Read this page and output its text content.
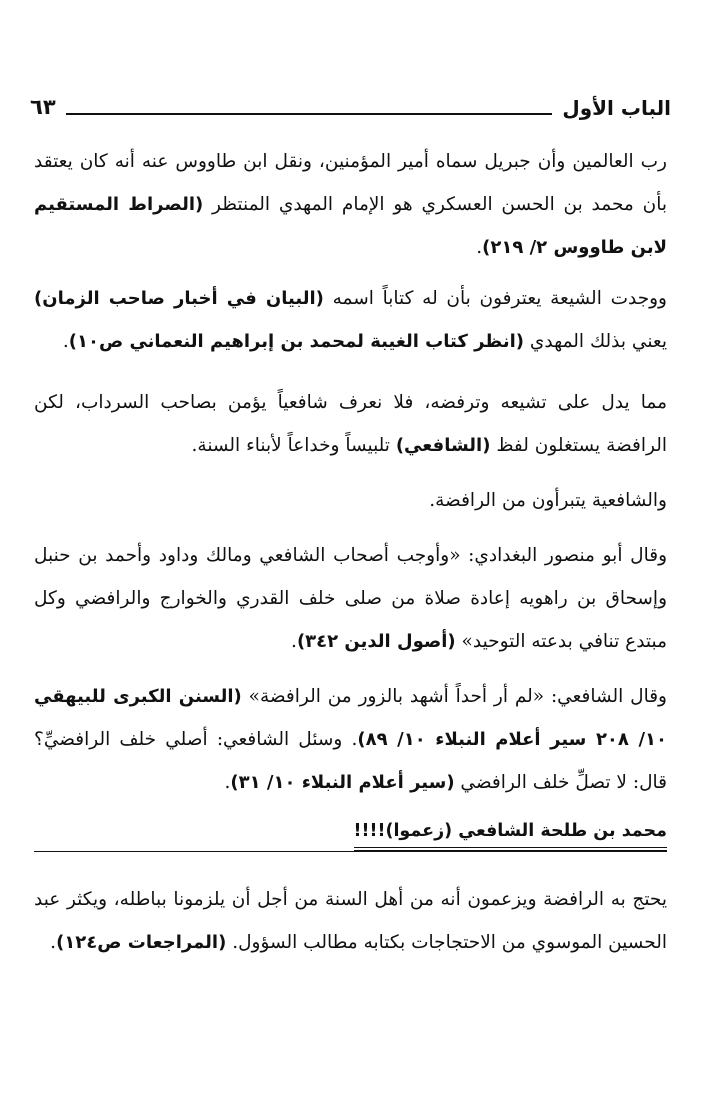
الباب الأول
٦٣

رب العالمين وأن جبريل سماه أمير المؤمنين، ونقل ابن طاووس عنه أنه كان يعتقد بأن محمد بن الحسن العسكري هو الإمام المهدي المنتظر (الصراط المستقيم لابن طاووس ٢/ ٢١٩).

ووجدت الشيعة يعترفون بأن له كتاباً اسمه (البيان في أخبار صاحب الزمان) يعني بذلك المهدي (انظر كتاب الغيبة لمحمد بن إبراهيم النعماني ص١٠).

مما يدل على تشيعه وترفضه، فلا نعرف شافعياً يؤمن بصاحب السرداب، لكن الرافضة يستغلون لفظ (الشافعي) تلبيساً وخداعاً لأبناء السنة.

والشافعية يتبرأون من الرافضة.

وقال أبو منصور البغدادي: «وأوجب أصحاب الشافعي ومالك وداود وأحمد بن حنبل وإسحاق بن راهويه إعادة صلاة من صلى خلف القدري والخوارج والرافضي وكل مبتدع تنافي بدعته التوحيد» (أصول الدين ٣٤٢).

وقال الشافعي: «لم أر أحداً أشهد بالزور من الرافضة» (السنن الكبرى للبيهقي ١٠/ ٢٠٨ سير أعلام النبلاء ١٠/ ٨٩). وسئل الشافعي: أصلي خلف الرافضيِّ؟ قال: لا تصلِّ خلف الرافضي (سير أعلام النبلاء ١٠/ ٣١).

محمد بن طلحة الشافعي (زعموا)!!!!

يحتج به الرافضة ويزعمون أنه من أهل السنة من أجل أن يلزمونا بباطله، ويكثر عبد الحسين الموسوي من الاحتجاجات بكتابه مطالب السؤول. (المراجعات ص١٢٤).
